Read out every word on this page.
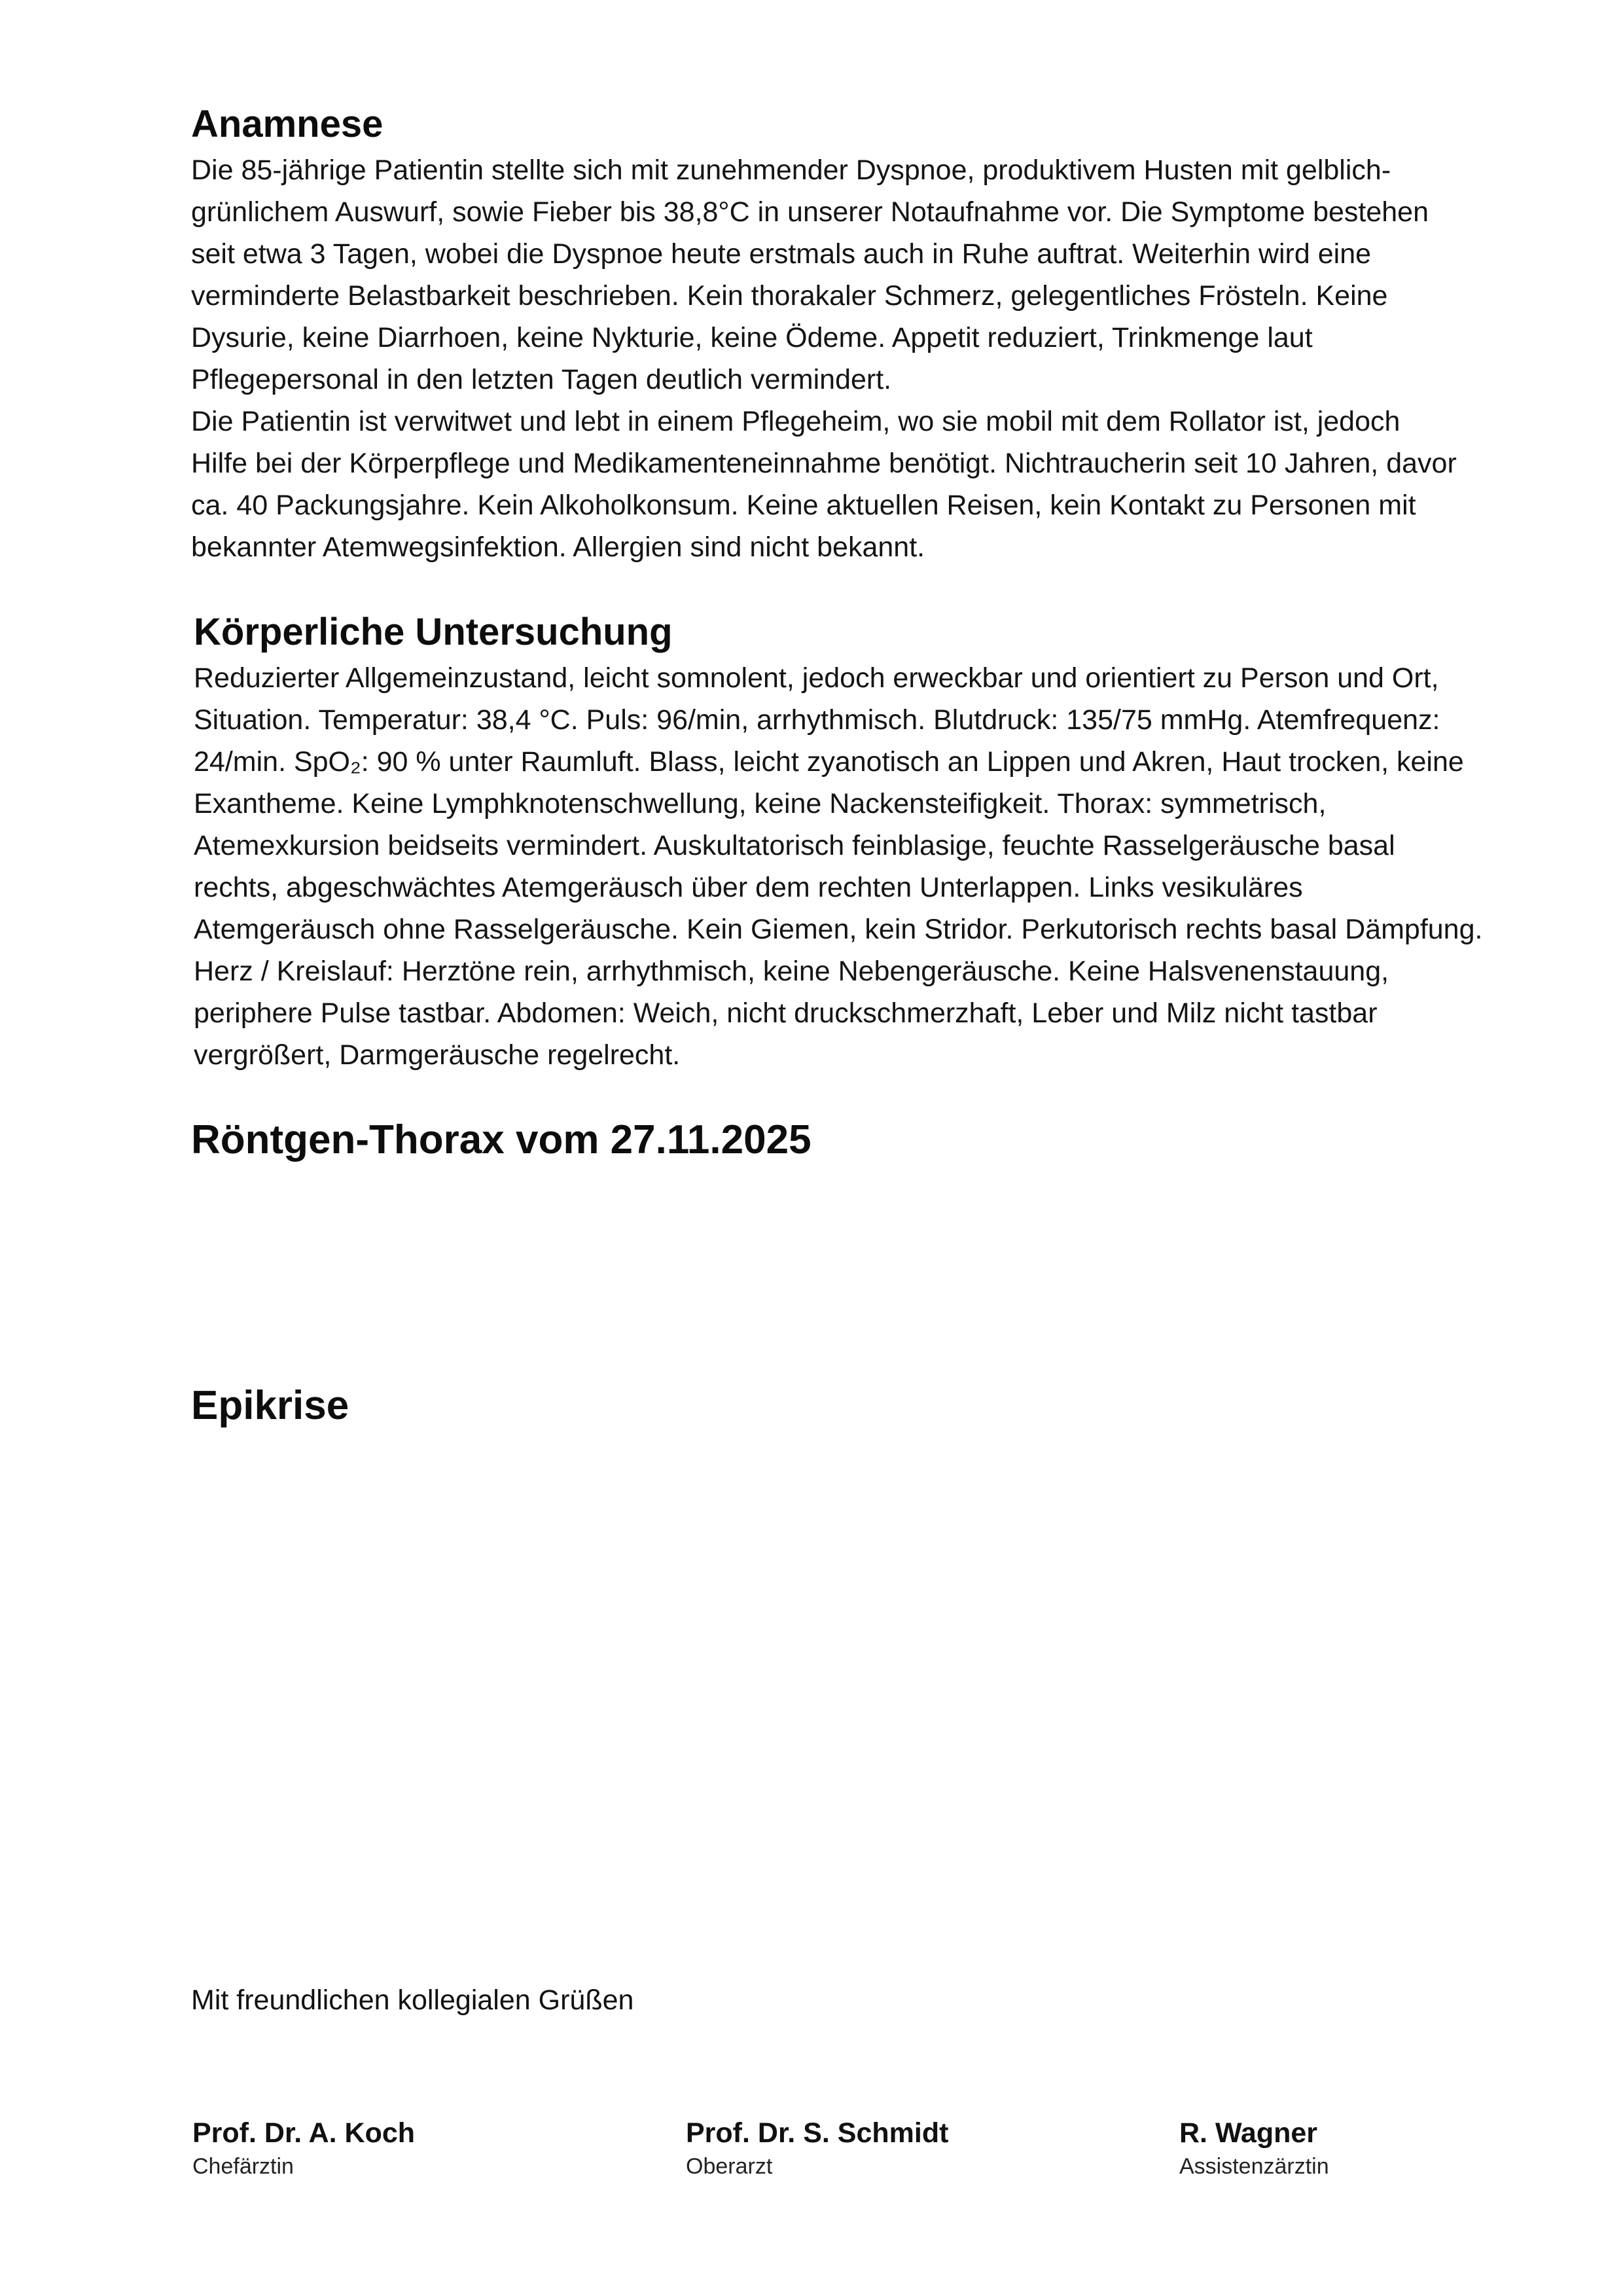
Anamnese

Die 85-jährige Patientin stellte sich mit zunehmender Dyspnoe, produktivem Husten mit gelblich-
grünlichem Auswurf, sowie Fieber bis 38,8°C in unserer Notaufnahme vor. Die Symptome bestehen
seit etwa 3 Tagen, wobei die Dyspnoe heute erstmals auch in Ruhe auftrat. Weiterhin wird eine
verminderte Belastbarkeit beschrieben. Kein thorakaler Schmerz, gelegentliches Frösteln. Keine
Dysurie, keine Diarrhoen, keine Nykturie, keine Ödeme. Appetit reduziert, Trinkmenge laut
Pflegepersonal in den letzten Tagen deutlich vermindert.
Die Patientin ist verwitwet und lebt in einem Pflegeheim, wo sie mobil mit dem Rollator ist, jedoch
Hilfe bei der Körperpflege und Medikamenteneinnahme benötigt. Nichtraucherin seit 10 Jahren, davor
ca. 40 Packungsjahre. Kein Alkoholkonsum. Keine aktuellen Reisen, kein Kontakt zu Personen mit
bekannter Atemwegsinfektion. Allergien sind nicht bekannt.

Körperliche Untersuchung

Reduzierter Allgemeinzustand, leicht somnolent, jedoch erweckbar und orientiert zu Person und Ort,
Situation. Temperatur: 38,4 °C. Puls: 96/min, arrhythmisch. Blutdruck: 135/75 mmHg. Atemfrequenz:
24/min. SpO₂: 90 % unter Raumluft. Blass, leicht zyanotisch an Lippen und Akren, Haut trocken, keine
Exantheme. Keine Lymphknotenschwellung, keine Nackensteifigkeit. Thorax: symmetrisch,
Atemexkursion beidseits vermindert. Auskultatorisch feinblasige, feuchte Rasselgeräusche basal
rechts, abgeschwächtes Atemgeräusch über dem rechten Unterlappen. Links vesikuläres
Atemgeräusch ohne Rasselgeräusche. Kein Giemen, kein Stridor. Perkutorisch rechts basal Dämpfung.
Herz / Kreislauf: Herztöne rein, arrhythmisch, keine Nebengeräusche. Keine Halsvenenstauung,
periphere Pulse tastbar. Abdomen: Weich, nicht druckschmerzhaft, Leber und Milz nicht tastbar
vergrößert, Darmgeräusche regelrecht.

Röntgen-Thorax vom 27.11.2025
Epikrise

Mit freundlichen kollegialen Grüßen

Prof. Dr. A. Koch

Chefärztin

Prof. Dr. S. Schmidt

Oberarzt

R. Wagner

Assistenzärztin
